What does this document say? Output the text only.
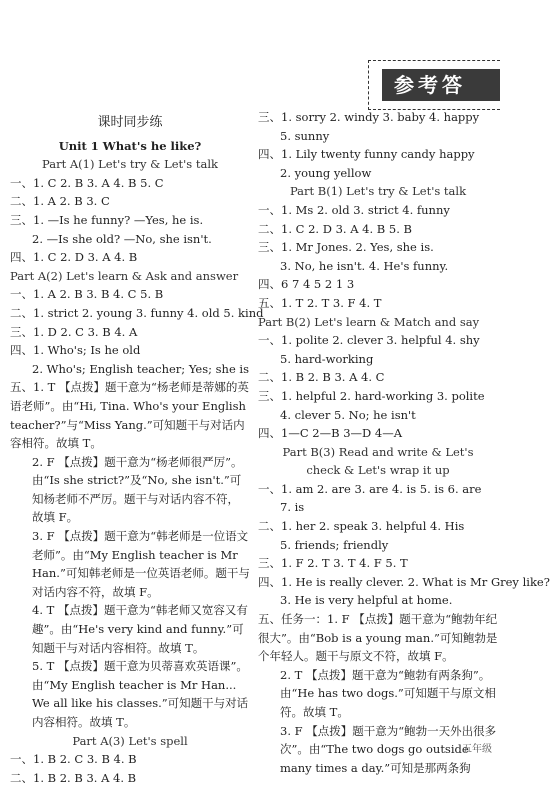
参考答
课时同步练
Unit 1 What's he like?
Part A(1) Let's try & Let's talk
一、1. C 2. B 3. A 4. B 5. C
二、1. A 2. B 3. C
三、1. —Is he funny? —Yes, he is.
2. —Is she old? —No, she isn't.
四、1. C 2. D 3. A 4. B
Part A(2) Let's learn & Ask and answer
一、1. A 2. B 3. B 4. C 5. B
二、1. strict 2. young 3. funny 4. old 5. kind
三、1. D 2. C 3. B 4. A
四、1. Who's; Is he old
2. Who's; English teacher; Yes; she is
五、1. T 【点拨】题干意为“杨老师是蒂娜的英语老师”。由“Hi, Tina. Who's your English teacher?”与“Miss Yang.”可知题干与对话内容相符。故填 T。
2. F 【点拨】题干意为“杨老师很严厉”。由“Is she strict?”及“No, she isn't.”可知杨老师不严厉。题干与对话内容不符，故填 F。
3. F 【点拨】题干意为“韩老师是一位语文老师”。由“My English teacher is Mr Han.”可知韩老师是一位英语老师。题干与对话内容不符，故填 F。
4. T 【点拨】题干意为“韩老师又宽容又有趣”。由“He's very kind and funny.”可知题干与对话内容相符。故填 T。
5. T 【点拨】题干意为贝蒂喜欢英语课”。由“My English teacher is Mr Han... We all like his classes.”可知题干与对话内容相符。故填 T。
Part A(3) Let's spell
一、1. B 2. C 3. B 4. B
二、1. B 2. B 3. A 4. B
三、1. sorry 2. windy 3. baby 4. happy
5. sunny
四、1. Lily twenty funny candy happy
2. young yellow
Part B(1) Let's try & Let's talk
一、1. Ms 2. old 3. strict 4. funny
二、1. C 2. D 3. A 4. B 5. B
三、1. Mr Jones. 2. Yes, she is.
3. No, he isn't. 4. He's funny.
四、6 7 4 5 2 1 3
五、1. T 2. T 3. F 4. T
Part B(2) Let's learn & Match and say
一、1. polite 2. clever 3. helpful 4. shy
5. hard-working
二、1. B 2. B 3. A 4. C
三、1. helpful 2. hard-working 3. polite
4. clever 5. No; he isn't
四、1—C 2—B 3—D 4—A
Part B(3) Read and write & Let's
check & Let's wrap it up
一、1. am 2. are 3. are 4. is 5. is 6. are
7. is
二、1. her 2. speak 3. helpful 4. His
5. friends; friendly
三、1. F 2. T 3. T 4. F 5. T
四、1. He is really clever. 2. What is Mr Grey like?
3. He is very helpful at home.
五、任务一：1. F 【点拨】题干意为“鲍勃年纪很大”。由“Bob is a young man.”可知鲍勃是个年轻人。题干与原文不符，故填 F。
2. T 【点拨】题干意为“鲍勃有两条狗”。由“He has two dogs.”可知题干与原文相符。故填 T。
3. F 【点拨】题干意为“鲍勃一天外出很多次”。由“The two dogs go outside many times a day.”可知是那两条狗
五年级
